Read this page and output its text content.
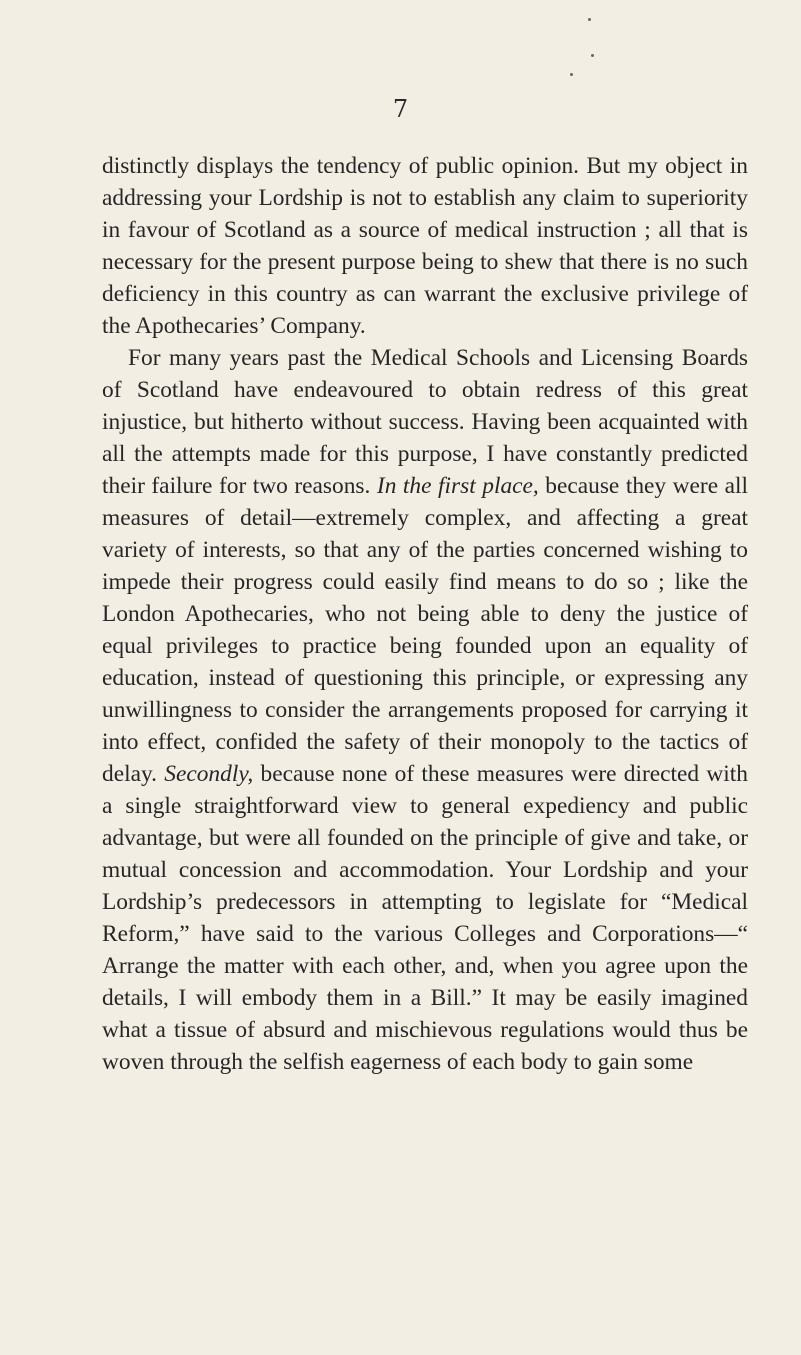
7

distinctly displays the tendency of public opinion. But my object in addressing your Lordship is not to establish any claim to superiority in favour of Scotland as a source of medical instruction ; all that is necessary for the present purpose being to shew that there is no such deficiency in this country as can warrant the exclusive privilege of the Apothecaries’ Company.

For many years past the Medical Schools and Licensing Boards of Scotland have endeavoured to obtain redress of this great injustice, but hitherto without success. Having been acquainted with all the attempts made for this purpose, I have constantly predicted their failure for two reasons. In the first place, because they were all measures of detail—extremely complex, and affecting a great variety of interests, so that any of the parties concerned wishing to impede their progress could easily find means to do so ; like the London Apothecaries, who not being able to deny the justice of equal privileges to practice being founded upon an equality of education, instead of questioning this principle, or expressing any unwillingness to consider the arrangements proposed for carrying it into effect, confided the safety of their monopoly to the tactics of delay. Secondly, because none of these measures were directed with a single straightforward view to general expediency and public advantage, but were all founded on the principle of give and take, or mutual concession and accommodation. Your Lordship and your Lordship’s predecessors in attempting to legislate for “Medical Reform,” have said to the various Colleges and Corporations—“ Arrange the matter with each other, and, when you agree upon the details, I will embody them in a Bill.” It may be easily imagined what a tissue of absurd and mischievous regulations would thus be woven through the selfish eagerness of each body to gain some
